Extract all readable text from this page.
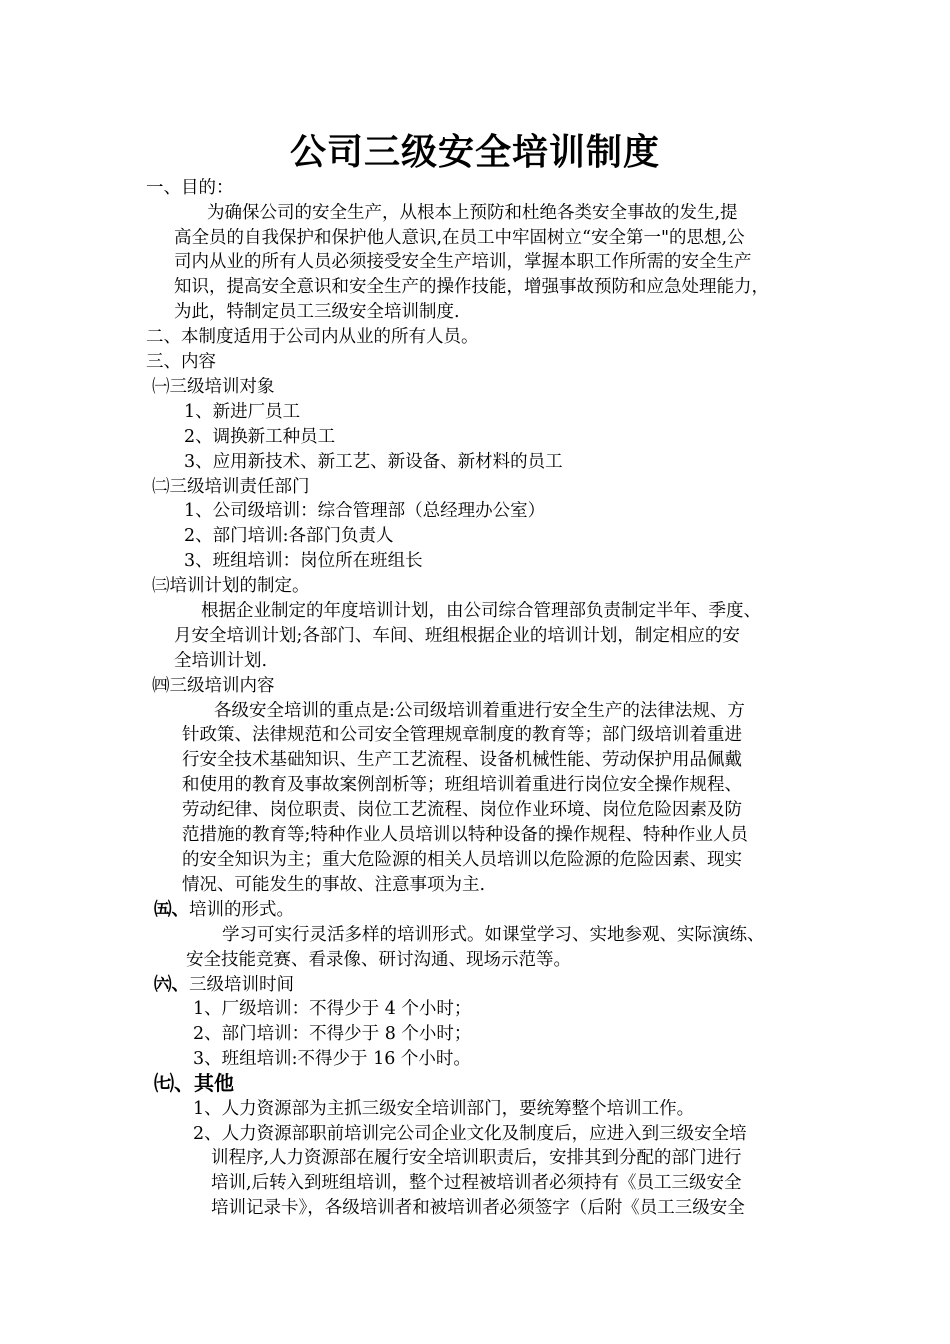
公司三级安全培训制度
一、目的：
为确保公司的安全生产，从根本上预防和杜绝各类安全事故的发生,提
高全员的自我保护和保护他人意识,在员工中牢固树立“安全第一"的思想,公
司内从业的所有人员必须接受安全生产培训，掌握本职工作所需的安全生产
知识，提高安全意识和安全生产的操作技能，增强事故预防和应急处理能力，
为此，特制定员工三级安全培训制度.
二、本制度适用于公司内从业的所有人员。
三、内容
㈠三级培训对象
1、新进厂员工
2、调换新工种员工
3、应用新技术、新工艺、新设备、新材料的员工
㈡三级培训责任部门
1、公司级培训：综合管理部（总经理办公室）
2、部门培训:各部门负责人
3、班组培训：岗位所在班组长
㈢培训计划的制定。
根据企业制定的年度培训计划，由公司综合管理部负责制定半年、季度、
月安全培训计划;各部门、车间、班组根据企业的培训计划，制定相应的安
全培训计划.
㈣三级培训内容
各级安全培训的重点是:公司级培训着重进行安全生产的法律法规、方
针政策、法律规范和公司安全管理规章制度的教育等；部门级培训着重进
行安全技术基础知识、生产工艺流程、设备机械性能、劳动保护用品佩戴
和使用的教育及事故案例剖析等；班组培训着重进行岗位安全操作规程、
劳动纪律、岗位职责、岗位工艺流程、岗位作业环境、岗位危险因素及防
范措施的教育等;特种作业人员培训以特种设备的操作规程、特种作业人员
的安全知识为主；重大危险源的相关人员培训以危险源的危险因素、现实
情况、可能发生的事故、注意事项为主.
㈤、培训的形式。
学习可实行灵活多样的培训形式。如课堂学习、实地参观、实际演练、
安全技能竞赛、看录像、研讨沟通、现场示范等。
㈥、三级培训时间
1、厂级培训：不得少于 4 个小时；
2、部门培训：不得少于 8 个小时；
3、班组培训:不得少于 16 个小时。
㈦、其他
1、人力资源部为主抓三级安全培训部门，要统筹整个培训工作。
2、人力资源部职前培训完公司企业文化及制度后，应进入到三级安全培
训程序,人力资源部在履行安全培训职责后，安排其到分配的部门进行
培训,后转入到班组培训，整个过程被培训者必须持有《员工三级安全
培训记录卡》，各级培训者和被培训者必须签字（后附《员工三级安全
